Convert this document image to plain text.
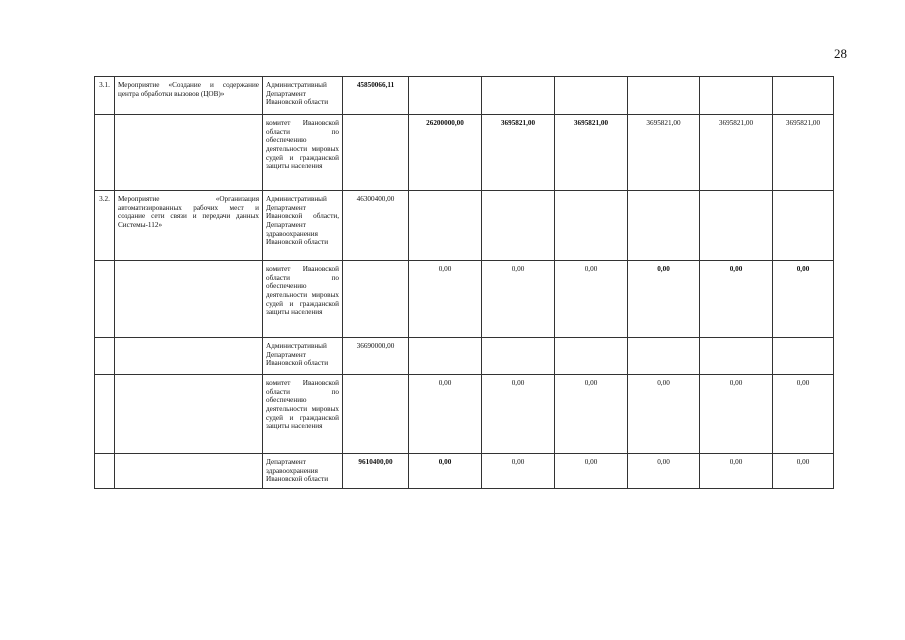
28
3.1.	Мероприятие «Создание и содержание центра обработки вызовов (ЦОВ)»	Административный Департамент Ивановской области	45850066,11						
		комитет Ивановской области по обеспечению деятельности мировых судей и гражданской защиты населения		26200000,00	3695821,00	3695821,00	3695821,00	3695821,00	3695821,00
3.2.	Мероприятие «Организация автоматизированных рабочих мест и создание сети связи и передачи данных Системы-112»	Административный Департамент Ивановской области, Департамент здравоохранения Ивановской области	46300400,00						
		комитет Ивановской области по обеспечению деятельности мировых судей и гражданской защиты населения		0,00	0,00	0,00	0,00	0,00	0,00
		Административный Департамент Ивановской области	36690000,00						
		комитет Ивановской области по обеспечению деятельности мировых судей и гражданской защиты населения		0,00	0,00	0,00	0,00	0,00	0,00
		Департамент здравоохранения Ивановской области	9610400,00	0,00	0,00	0,00	0,00	0,00	0,00
